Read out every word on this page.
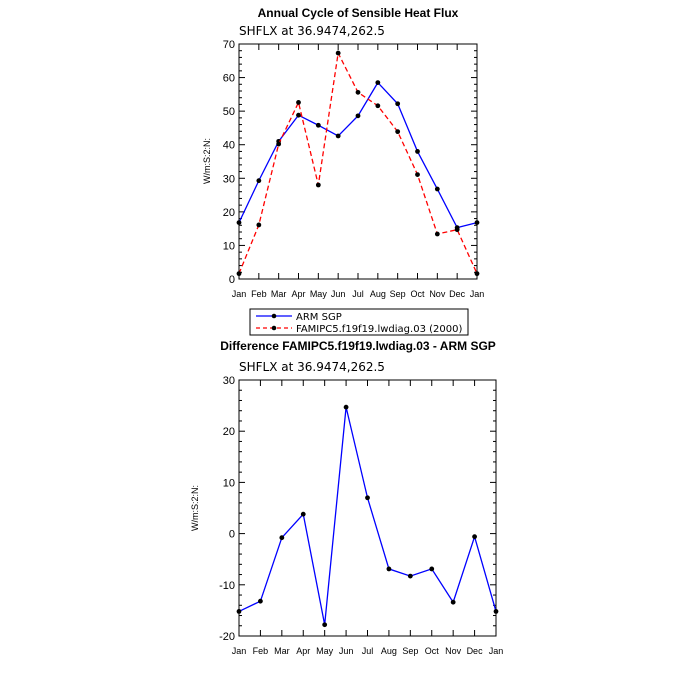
Annual Cycle of Sensible Heat Flux
SHFLX at 36.9474,262.5
0
10
20
30
40
50
60
70
Jan Feb Mar Apr May Jun Jul Aug Sep Oct Nov Dec Jan
W/m:S:2:N:
ARM SGP
FAMIPC5.f19f19.lwdiag.03 (2000)
Difference FAMIPC5.f19f19.lwdiag.03 - ARM SGP
SHFLX at 36.9474,262.5
-20
-10
0
10
20
30
Jan Feb Mar Apr May Jun Jul Aug Sep Oct Nov Dec Jan
W/m:S:2:N:
